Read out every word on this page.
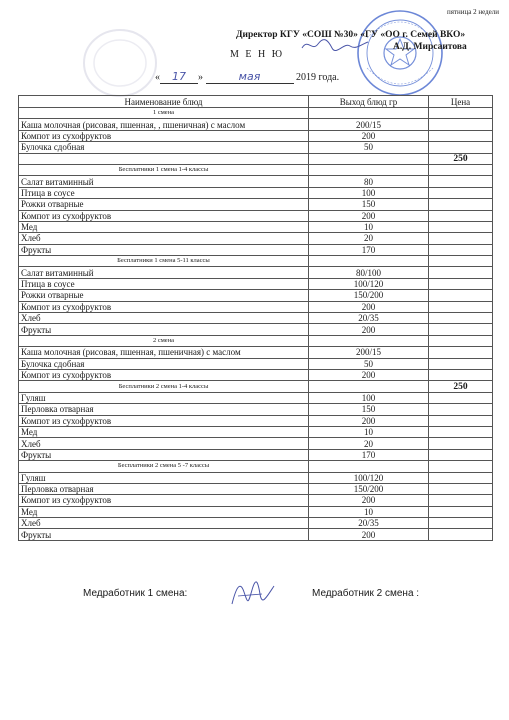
пятница 2 недели
Директор КГУ «СОШ №30» «ГУ «ОО г. Семей ВКО»
А.Д. Мирсаитова
М Е Н Ю
« 17 »	мая	2019 года.
Наименование блюд	Выход блюд гр	Цена
1 смена		
Каша молочная (рисовая, пшенная, , пшеничная) с маслом	200/15	
Компот из сухофруктов	200	
Булочка сдобная	50	
		250
Бесплатники 1 смена 1-4 классы		
Салат витаминный	80	
Птица в соусе	100	
Рожки отварные	150	
Компот из сухофруктов	200	
Мед	10	
Хлеб	20	
Фрукты	170	
Бесплатники 1 смена 5-11 классы		
Салат витаминный	80/100	
Птица в соусе	100/120	
Рожки отварные	150/200	
Компот из сухофруктов	200	
Хлеб	20/35	
Фрукты	200	
2 смена		
Каша молочная (рисовая, пшенная, пшеничная) с маслом	200/15	
Булочка сдобная	50	
Компот из сухофруктов	200	
Бесплатники 2 смена 1-4 классы		250
Гуляш	100	
Перловка отварная	150	
Компот из сухофруктов	200	
Мед	10	
Хлеб	20	
Фрукты	170	
Бесплатники 2 смена 5 -7 классы		
Гуляш	100/120	
Перловка отварная	150/200	
Компот из сухофруктов	200	
Мед	10	
Хлеб	20/35	
Фрукты	200	
Медработник 1 смена:	Медработник 2 смена :
